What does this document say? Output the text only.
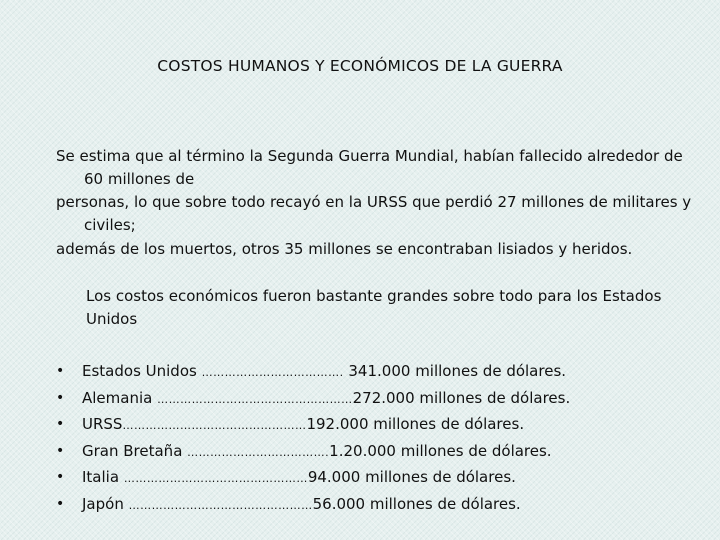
COSTOS HUMANOS Y ECONÓMICOS DE LA GUERRA
Se estima que al término la Segunda Guerra Mundial, habían fallecido alrededor de 60 millones de
personas, lo que sobre todo recayó en la URSS que perdió 27 millones de militares y civiles;
además de los muertos, otros 35 millones se encontraban lisiados y heridos.
Los costos económicos fueron bastante grandes sobre todo para los Estados Unidos
• Estados Unidos ………………………………. 341.000 millones de dólares.
• Alemania ……………………………………………272.000 millones de dólares.
• URSS…………………………………………192.000 millones de dólares.
• Gran Bretaña ……………………………….1.20.000 millones de dólares.
• Italia …………………………………………94.000 millones de dólares.
• Japón …………………………………………56.000 millones de dólares.
